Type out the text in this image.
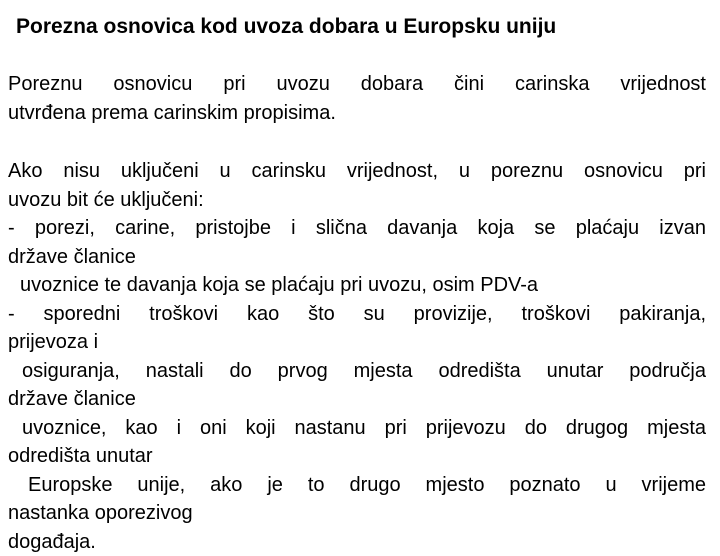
Porezna osnovica kod uvoza dobara u Europsku uniju
Poreznu osnovicu pri uvozu dobara čini carinska vrijednost
utvrđena prema carinskim propisima.
Ako nisu uključeni u carinsku vrijednost, u poreznu osnovicu pri
uvozu bit će uključeni:
- porezi, carine, pristojbe i slična davanja koja se plaćaju izvan
države članice
uvoznice te davanja koja se plaćaju pri uvozu, osim PDV-a
- sporedni troškovi kao što su provizije, troškovi pakiranja,
prijevoza i
osiguranja, nastali do prvog mjesta odredišta unutar područja
države članice
uvoznice, kao i oni koji nastanu pri prijevozu do drugog mjesta
odredišta unutar
Europske unije, ako je to drugo mjesto poznato u vrijeme
nastanka oporezivog
događaja.
